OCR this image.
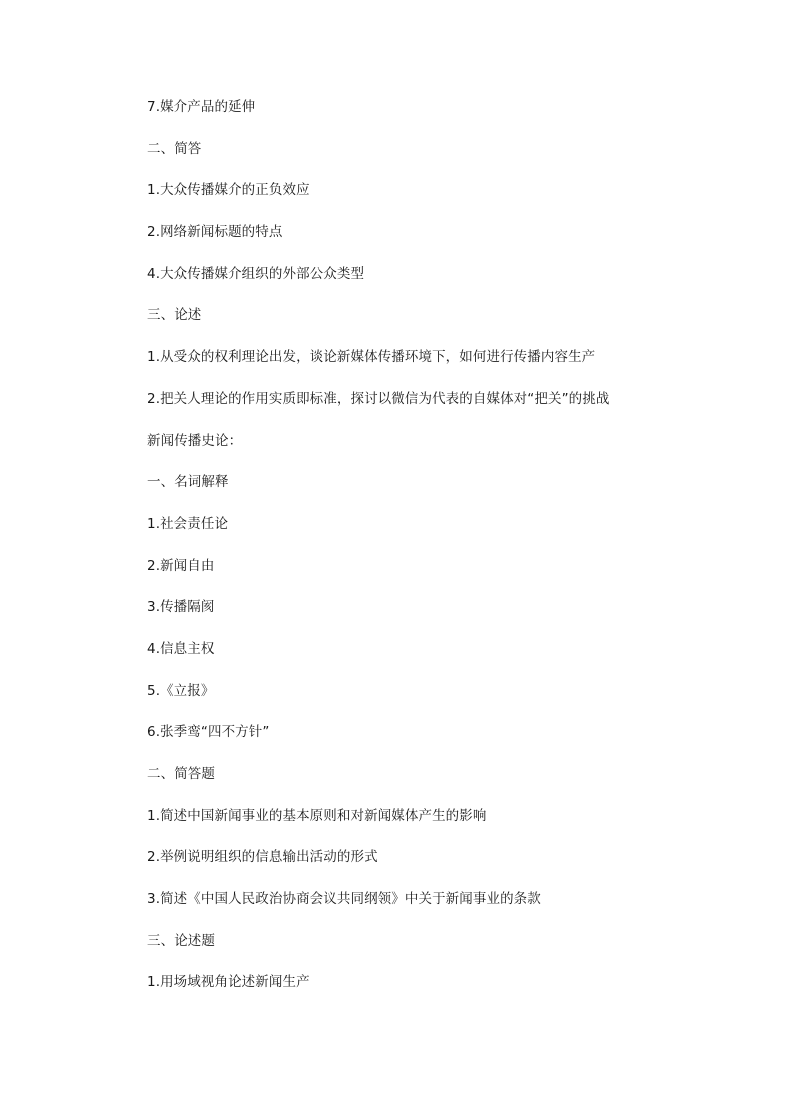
7.媒介产品的延伸
二、简答
1.大众传播媒介的正负效应
2.网络新闻标题的特点
4.大众传播媒介组织的外部公众类型
三、论述
1.从受众的权利理论出发，谈论新媒体传播环境下，如何进行传播内容生产
2.把关人理论的作用实质即标准，探讨以微信为代表的自媒体对“把关”的挑战
新闻传播史论：
一、名词解释
1.社会责任论
2.新闻自由
3.传播隔阂
4.信息主权
5.《立报》
6.张季鸾“四不方针”
二、简答题
1.简述中国新闻事业的基本原则和对新闻媒体产生的影响
2.举例说明组织的信息输出活动的形式
3.简述《中国人民政治协商会议共同纲领》中关于新闻事业的条款
三、论述题
1.用场域视角论述新闻生产
